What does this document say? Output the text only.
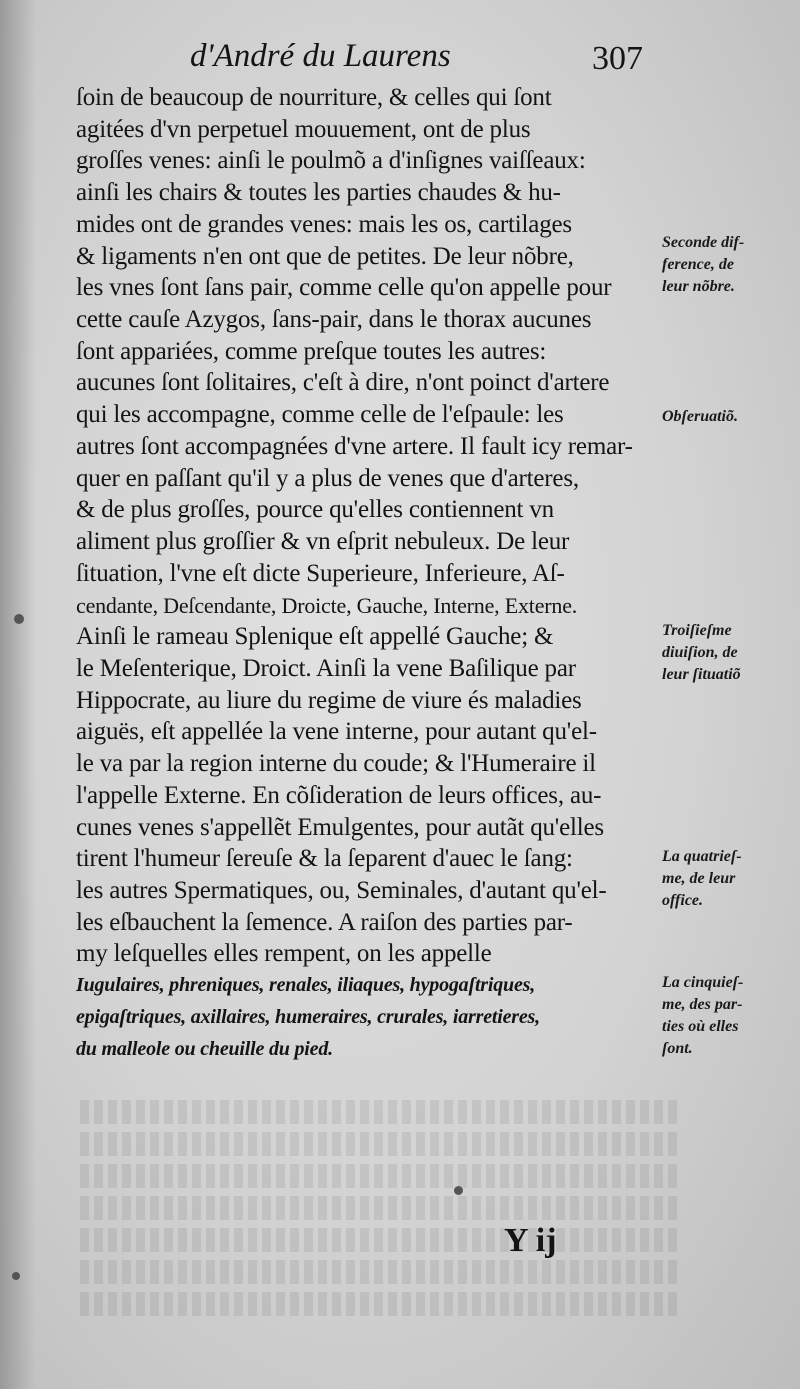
d'André du Laurens	307
ſoin de beaucoup de nourriture, & celles qui ſont
agitées d'vn perpetuel mouuement, ont de plus
groſſes venes: ainſi le poulmõ a d'inſignes vaiſſeaux:
ainſi les chairs & toutes les parties chaudes & hu-
mides ont de grandes venes: mais les os, cartilages
& ligaments n'en ont que de petites. De leur nõbre,
les vnes ſont ſans pair, comme celle qu'on appelle pour
cette cauſe Azygos, ſans-pair, dans le thorax aucunes
ſont appariées, comme preſque toutes les autres:
aucunes ſont ſolitaires, c'eſt à dire, n'ont poinct d'artere
qui les accompagne, comme celle de l'eſpaule: les
autres ſont accompagnées d'vne artere. Il fault icy remar-
quer en paſſant qu'il y a plus de venes que d'arteres,
& de plus groſſes, pource qu'elles contiennent vn
aliment plus groſſier & vn eſprit nebuleux. De leur
ſituation, l'vne eſt dicte Superieure, Inferieure, Aſ-
cendante, Deſcendante, Droicte, Gauche, Interne, Externe.
Ainſi le rameau Splenique eſt appellé Gauche; &
le Meſenterique, Droict. Ainſi la vene Baſilique par
Hippocrate, au liure du regime de viure és maladies
aiguës, eſt appellée la vene interne, pour autant qu'el-
le va par la region interne du coude; & l'Humeraire il
l'appelle Externe. En cõſideration de leurs offices, au-
cunes venes s'appellẽt Emulgentes, pour autãt qu'elles
tirent l'humeur ſereuſe & la ſeparent d'auec le ſang:
les autres Spermatiques, ou, Seminales, d'autant qu'el-
les eſbauchent la ſemence. A raiſon des parties par-
my leſquelles elles rempent, on les appelle
Iugulaires, phreniques, renales, iliaques, hypogaſtriques,
epigaſtriques, axillaires, humeraires, crurales, iarretieres,
du malleole ou cheuille du pied.
Seconde dif-
ference, de
leur nõbre.
Obſeruatiõ.
Troiſieſme
diuiſion, de
leur ſituatiõ
La quatrieſ-
me, de leur
office.
La cinquieſ-
me, des par-
ties où elles
ſont.
Y ij
